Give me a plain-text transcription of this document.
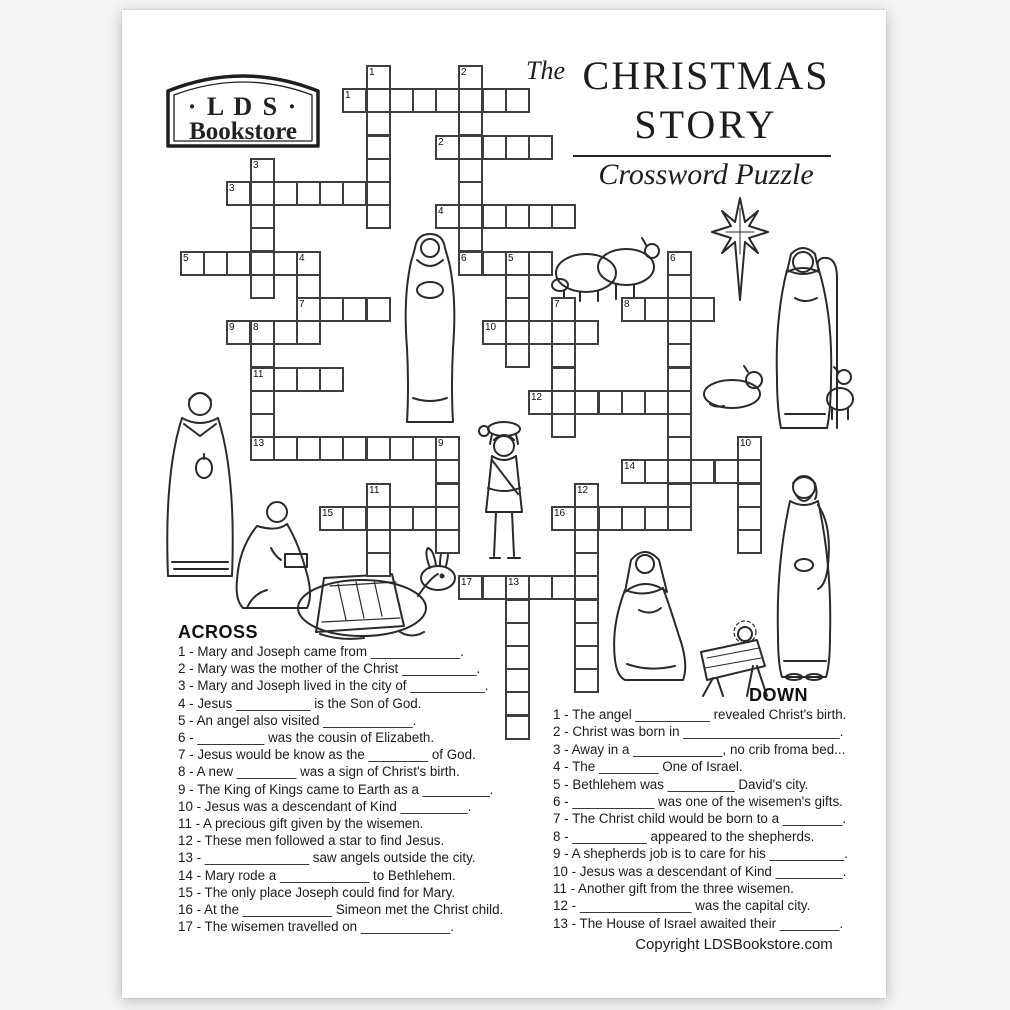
· L D S ·
Bookstore
The CHRISTMAS
STORY
Crossword Puzzle
1
2
3
4
5	6
7	8
9	10
11
12
13
14
15	16
17
1	2
3
4	5	6
7
8
9	10
11	12
13
ACROSS
1 - Mary and Joseph came from ____________.
2 - Mary was the mother of the Christ __________.
3 - Mary and Joseph lived in the city of __________.
4 - Jesus __________ is the Son of God.
5 - An angel also visited ____________.
6 - _________ was the cousin of Elizabeth.
7 - Jesus would be know as the ________ of God.
8 - A new ________ was a sign of Christ's birth.
9 - The King of Kings came to Earth as a _________.
10 - Jesus was a descendant of Kind _________.
11 - A precious gift given by the wisemen.
12 - These men followed a star to find Jesus.
13 - ______________ saw angels outside the city.
14 - Mary rode a ____________ to Bethlehem.
15 - The only place Joseph could find for Mary.
16 - At the ____________ Simeon met the Christ child.
17 - The wisemen travelled on ____________.
DOWN
1 - The angel __________ revealed Christ's birth.
2 - Christ was born in _____________________.
3 - Away in a ____________, no crib froma bed...
4 - The ________ One of Israel.
5 - Bethlehem was _________ David's city.
6 - ___________ was one of the wisemen's gifts.
7 - The Christ child would be born to a ________.
8 - __________ appeared to the shepherds.
9 - A shepherds job is to care for his __________.
10 - Jesus was a descendant of Kind _________.
11 - Another gift from the three wisemen.
12 - _______________ was the capital city.
13 - The House of Israel awaited their ________.
Copyright LDSBookstore.com
